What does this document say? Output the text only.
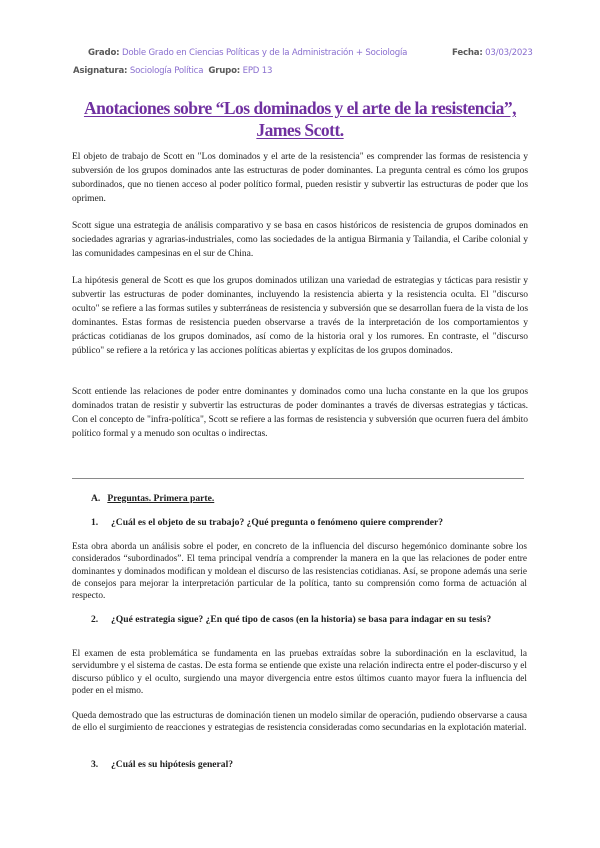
Grado: Doble Grado en Ciencias Políticas y de la Administración + Sociología	Fecha: 03/03/2023
Asignatura: Sociología Política Grupo: EPD 13
Anotaciones sobre “Los dominados y el arte de la resistencia”, James Scott.

El objeto de trabajo de Scott en "Los dominados y el arte de la resistencia" es comprender las formas de resistencia y subversión de los grupos dominados ante las estructuras de poder dominantes. La pregunta central es cómo los grupos subordinados, que no tienen acceso al poder político formal, pueden resistir y subvertir las estructuras de poder que los oprimen.

Scott sigue una estrategia de análisis comparativo y se basa en casos históricos de resistencia de grupos dominados en sociedades agrarias y agrarias-industriales, como las sociedades de la antigua Birmania y Tailandia, el Caribe colonial y las comunidades campesinas en el sur de China.

La hipótesis general de Scott es que los grupos dominados utilizan una variedad de estrategias y tácticas para resistir y subvertir las estructuras de poder dominantes, incluyendo la resistencia abierta y la resistencia oculta. El "discurso oculto" se refiere a las formas sutiles y subterráneas de resistencia y subversión que se desarrollan fuera de la vista de los dominantes. Estas formas de resistencia pueden observarse a través de la interpretación de los comportamientos y prácticas cotidianas de los grupos dominados, así como de la historia oral y los rumores. En contraste, el "discurso público" se refiere a la retórica y las acciones políticas abiertas y explícitas de los grupos dominados.

Scott entiende las relaciones de poder entre dominantes y dominados como una lucha constante en la que los grupos dominados tratan de resistir y subvertir las estructuras de poder dominantes a través de diversas estrategias y tácticas. Con el concepto de "infra-política", Scott se refiere a las formas de resistencia y subversión que ocurren fuera del ámbito político formal y a menudo son ocultas o indirectas.

A. Preguntas. Primera parte.
1.	¿Cuál es el objeto de su trabajo? ¿Qué pregunta o fenómeno quiere comprender?

Esta obra aborda un análisis sobre el poder, en concreto de la influencia del discurso hegemónico dominante sobre los considerados “subordinados”. El tema principal vendría a comprender la manera en la que las relaciones de poder entre dominantes y dominados modifican y moldean el discurso de las resistencias cotidianas. Así, se propone además una serie de consejos para mejorar la interpretación particular de la política, tanto su comprensión como forma de actuación al respecto.

2.	¿Qué estrategia sigue? ¿En qué tipo de casos (en la historia) se basa para indagar en su tesis?

El examen de esta problemática se fundamenta en las pruebas extraídas sobre la subordinación en la esclavitud, la servidumbre y el sistema de castas. De esta forma se entiende que existe una relación indirecta entre el poder-discurso y el discurso público y el oculto, surgiendo una mayor divergencia entre estos últimos cuanto mayor fuera la influencia del poder en el mismo.

Queda demostrado que las estructuras de dominación tienen un modelo similar de operación, pudiendo observarse a causa de ello el surgimiento de reacciones y estrategias de resistencia consideradas como secundarias en la explotación material.

3.	¿Cuál es su hipótesis general?
